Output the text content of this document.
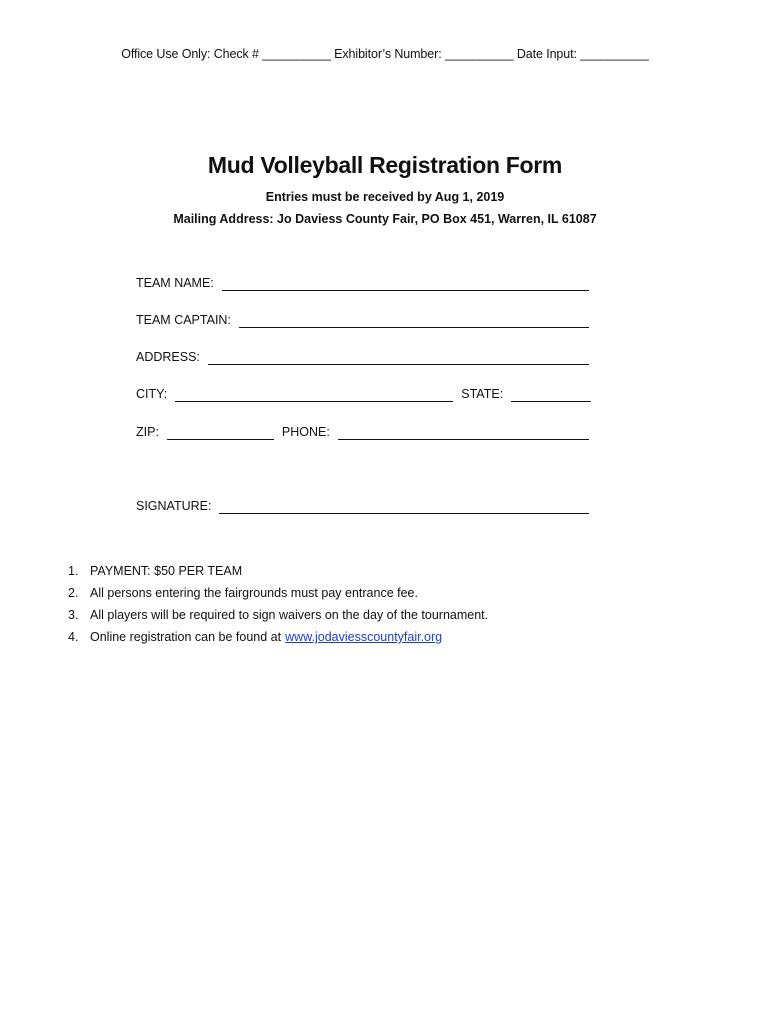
Office Use Only: Check # __________ Exhibitor’s Number: __________ Date Input: __________
Mud Volleyball Registration Form
Entries must be received by Aug 1, 2019
Mailing Address: Jo Daviess County Fair, PO Box 451, Warren, IL 61087
TEAM NAME:
TEAM CAPTAIN:
ADDRESS:
CITY:	STATE:
ZIP:	PHONE:
SIGNATURE:
1. PAYMENT: $50 PER TEAM
2. All persons entering the fairgrounds must pay entrance fee.
3. All players will be required to sign waivers on the day of the tournament.
4. Online registration can be found at www.jodaviesscountyfair.org
